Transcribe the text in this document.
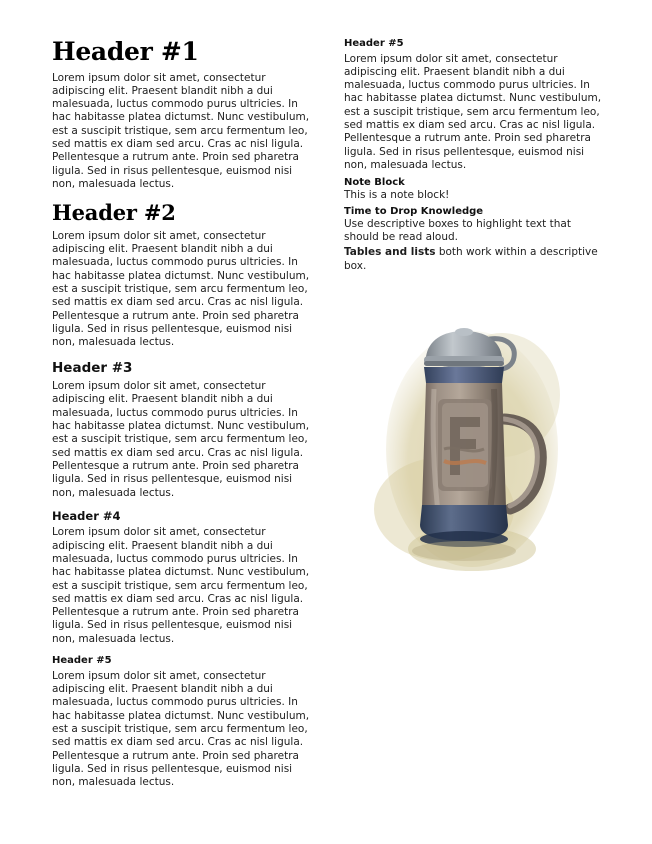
Header #1

Lorem ipsum dolor sit amet, consectetur adipiscing elit. Praesent blandit nibh a dui malesuada, luctus commodo purus ultricies. In hac habitasse platea dictumst. Nunc vestibulum, est a suscipit tristique, sem arcu fermentum leo, sed mattis ex diam sed arcu. Cras ac nisl ligula. Pellentesque a rutrum ante. Proin sed pharetra ligula. Sed in risus pellentesque, euismod nisi non, malesuada lectus.

Header #2

Lorem ipsum dolor sit amet, consectetur adipiscing elit. Praesent blandit nibh a dui malesuada, luctus commodo purus ultricies. In hac habitasse platea dictumst. Nunc vestibulum, est a suscipit tristique, sem arcu fermentum leo, sed mattis ex diam sed arcu. Cras ac nisl ligula. Pellentesque a rutrum ante. Proin sed pharetra ligula. Sed in risus pellentesque, euismod nisi non, malesuada lectus.

Header #3

Lorem ipsum dolor sit amet, consectetur adipiscing elit. Praesent blandit nibh a dui malesuada, luctus commodo purus ultricies. In hac habitasse platea dictumst. Nunc vestibulum, est a suscipit tristique, sem arcu fermentum leo, sed mattis ex diam sed arcu. Cras ac nisl ligula. Pellentesque a rutrum ante. Proin sed pharetra ligula. Sed in risus pellentesque, euismod nisi non, malesuada lectus.

Header #4

Lorem ipsum dolor sit amet, consectetur adipiscing elit. Praesent blandit nibh a dui malesuada, luctus commodo purus ultricies. In hac habitasse platea dictumst. Nunc vestibulum, est a suscipit tristique, sem arcu fermentum leo, sed mattis ex diam sed arcu. Cras ac nisl ligula. Pellentesque a rutrum ante. Proin sed pharetra ligula. Sed in risus pellentesque, euismod nisi non, malesuada lectus.

Header #5

Lorem ipsum dolor sit amet, consectetur adipiscing elit. Praesent blandit nibh a dui malesuada, luctus commodo purus ultricies. In hac habitasse platea dictumst. Nunc vestibulum, est a suscipit tristique, sem arcu fermentum leo, sed mattis ex diam sed arcu. Cras ac nisl ligula. Pellentesque a rutrum ante. Proin sed pharetra ligula. Sed in risus pellentesque, euismod nisi non, malesuada lectus.

Header #5

Lorem ipsum dolor sit amet, consectetur adipiscing elit. Praesent blandit nibh a dui malesuada, luctus commodo purus ultricies. In hac habitasse platea dictumst. Nunc vestibulum, est a suscipit tristique, sem arcu fermentum leo, sed mattis ex diam sed arcu. Cras ac nisl ligula. Pellentesque a rutrum ante. Proin sed pharetra ligula. Sed in risus pellentesque, euismod nisi non, malesuada lectus.

Note Block
This is a note block!
Time to Drop Knowledge
Use descriptive boxes to highlight text that should be read aloud.
Tables and lists both work within a descriptive box.
